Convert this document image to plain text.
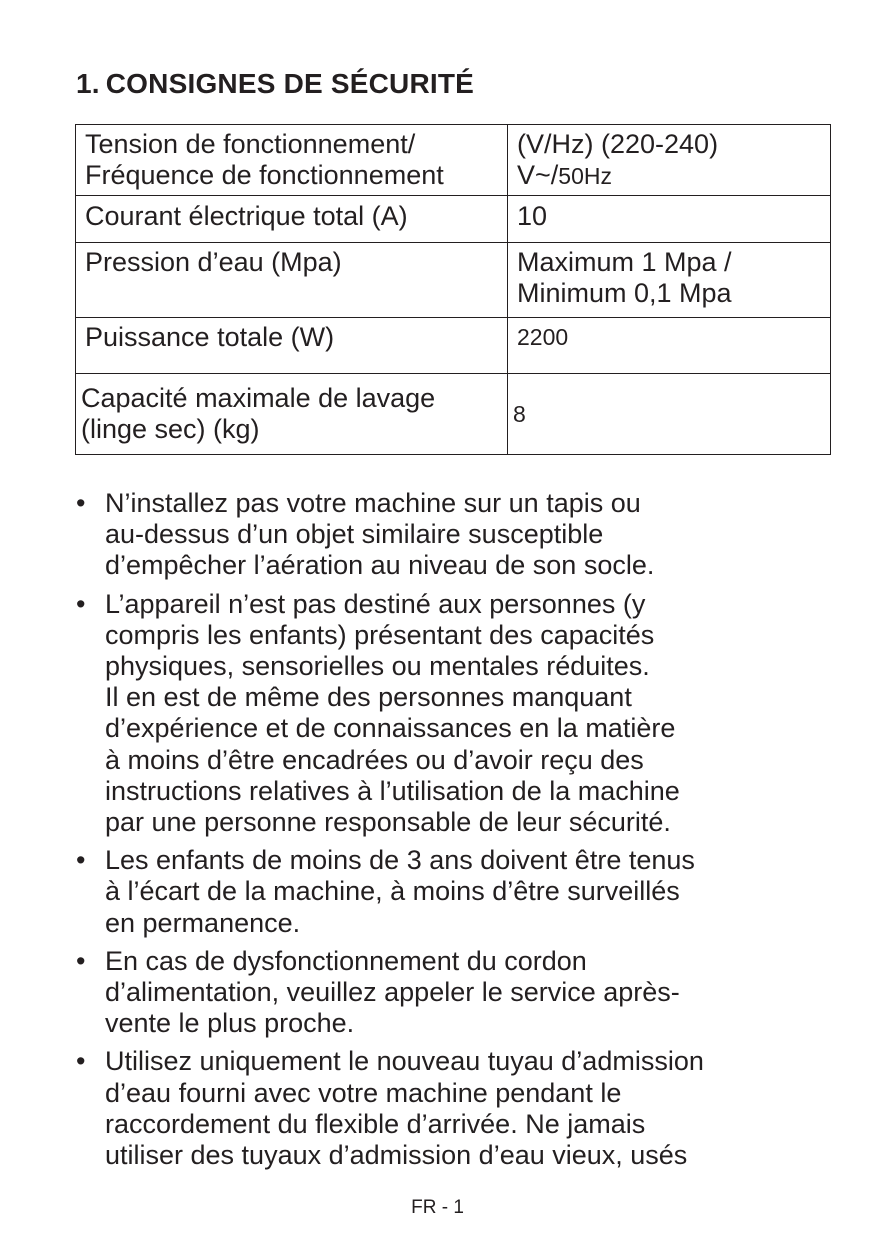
1. CONSIGNES DE SÉCURITÉ
Tension de fonctionnement/
Fréquence de fonctionnement	(V/Hz) (220-240)
V~/50Hz
Courant électrique total (A)	10
Pression d’eau (Mpa)	Maximum 1 Mpa /
Minimum 0,1 Mpa
Puissance totale (W)	2200
Capacité maximale de lavage
(linge sec) (kg)	8
• N’installez pas votre machine sur un tapis ou
au-dessus d’un objet similaire susceptible
d’empêcher l’aération au niveau de son socle.
• L’appareil n’est pas destiné aux personnes (y
compris les enfants) présentant des capacités
physiques, sensorielles ou mentales réduites.
Il en est de même des personnes manquant
d’expérience et de connaissances en la matière
à moins d’être encadrées ou d’avoir reçu des
instructions relatives à l’utilisation de la machine
par une personne responsable de leur sécurité.
• Les enfants de moins de 3 ans doivent être tenus
à l’écart de la machine, à moins d’être surveillés
en permanence.
• En cas de dysfonctionnement du cordon
d’alimentation, veuillez appeler le service après-
vente le plus proche.
• Utilisez uniquement le nouveau tuyau d’admission
d’eau fourni avec votre machine pendant le
raccordement du flexible d’arrivée. Ne jamais
utiliser des tuyaux d’admission d’eau vieux, usés
FR - 1
